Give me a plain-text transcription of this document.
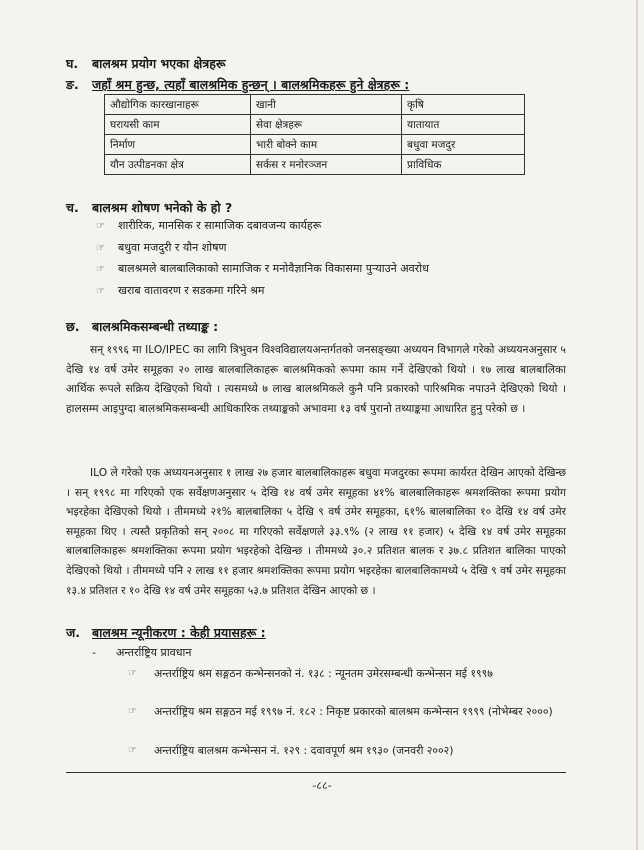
घ. बालश्रम प्रयोग भएका क्षेत्रहरू
ङ. जहाँ श्रम हुन्छ, त्यहाँ बालश्रमिक हुन्छन् । बालश्रमिकहरू हुने क्षेत्रहरू :
औद्योगिक कारखानाहरू	खानी	कृषि
घरायसी काम	सेवा क्षेत्रहरू	यातायात
निर्माण	भारी बोक्ने काम	बधुवा मजदुर
यौन उत्पीडनका क्षेत्र	सर्कस र मनोरञ्जन	प्राविधिक
च. बालश्रम शोषण भनेको के हो ?
☞ शारीरिक, मानसिक र सामाजिक दबावजन्य कार्यहरू
☞ बधुवा मजदुरी र यौन शोषण
☞ बालश्रमले बालबालिकाको सामाजिक र मनोवैज्ञानिक विकासमा पुऱ्याउने अवरोध
☞ खराब वातावरण र सडकमा गरिने श्रम
छ. बालश्रमिकसम्बन्धी तथ्याङ्क :

सन् १९९६ मा ILO/IPEC का लागि त्रिभुवन विश्वविद्यालयअन्तर्गतको जनसङ्ख्या अध्ययन विभागले गरेको अध्ययनअनुसार ५ देखि १४ वर्ष उमेर समूहका २० लाख बालबालिकाहरू बालश्रमिकको रूपमा काम गर्ने देखिएको थियो । १७ लाख बालबालिका आर्थिक रूपले सक्रिय देखिएको थियो । त्यसमध्ये ७ लाख बालश्रमिकले कुनै पनि प्रकारको पारिश्रमिक नपाउने देखिएको थियो । हालसम्म आइपुग्दा बालश्रमिकसम्बन्धी आधिकारिक तथ्याङ्कको अभावमा १३ वर्ष पुरानो तथ्याङ्कमा आधारित हुनु परेको छ ।

ILO ले गरेको एक अध्ययनअनुसार १ लाख २७ हजार बालबालिकाहरू बधुवा मजदुरका रूपमा कार्यरत देखिन आएको देखिन्छ । सन् १९९८ मा गरिएको एक सर्वेक्षणअनुसार ५ देखि १४ वर्ष उमेर समूहका ४१% बालबालिकाहरू श्रमशक्तिका रूपमा प्रयोग भइरहेका देखिएको थियो । तीममध्ये २१% बालबालिका ५ देखि ९ वर्ष उमेर समूहका, ६१% बालबालिका १० देखि १४ वर्ष उमेर समूहका थिए । त्यस्तै प्रकृतिको सन् २००८ मा गरिएको सर्वेक्षणले ३३.९% (२ लाख ११ हजार) ५ देखि १४ वर्ष उमेर समूहका बालबालिकाहरू श्रमशक्तिका रूपमा प्रयोग भइरहेको देखिन्छ । तीममध्ये ३०.२ प्रतिशत बालक र ३७.८ प्रतिशत बालिका पाएको देखिएको थियो । तीममध्ये पनि २ लाख ११ हजार श्रमशक्तिका रूपमा प्रयोग भइरहेका बालबालिकामध्ये ५ देखि ९ वर्ष उमेर समूहका १३.४ प्रतिशत र १० देखि १४ वर्ष उमेर समूहका ५३.७ प्रतिशत देखिन आएको छ ।

ज. बालश्रम न्यूनीकरण : केही प्रयासहरू :
- अन्तर्राष्ट्रिय प्रावधान
☞	अन्तर्राष्ट्रिय श्रम सङ्गठन कन्भेन्सनको नं. १३८ : न्यूनतम उमेरसम्बन्धी कन्भेन्सन मई १९९७
☞	अन्तर्राष्ट्रिय श्रम सङ्गठन मई १९९७ नं. १८२ : निकृष्ट प्रकारको बालश्रम कन्भेन्सन १९९९ (नोभेम्बर २०००)
☞	अन्तर्राष्ट्रिय बालश्रम कन्भेन्सन नं. १२९ : दवावपूर्ण श्रम १९३० (जनवरी २००२)
-८८-
